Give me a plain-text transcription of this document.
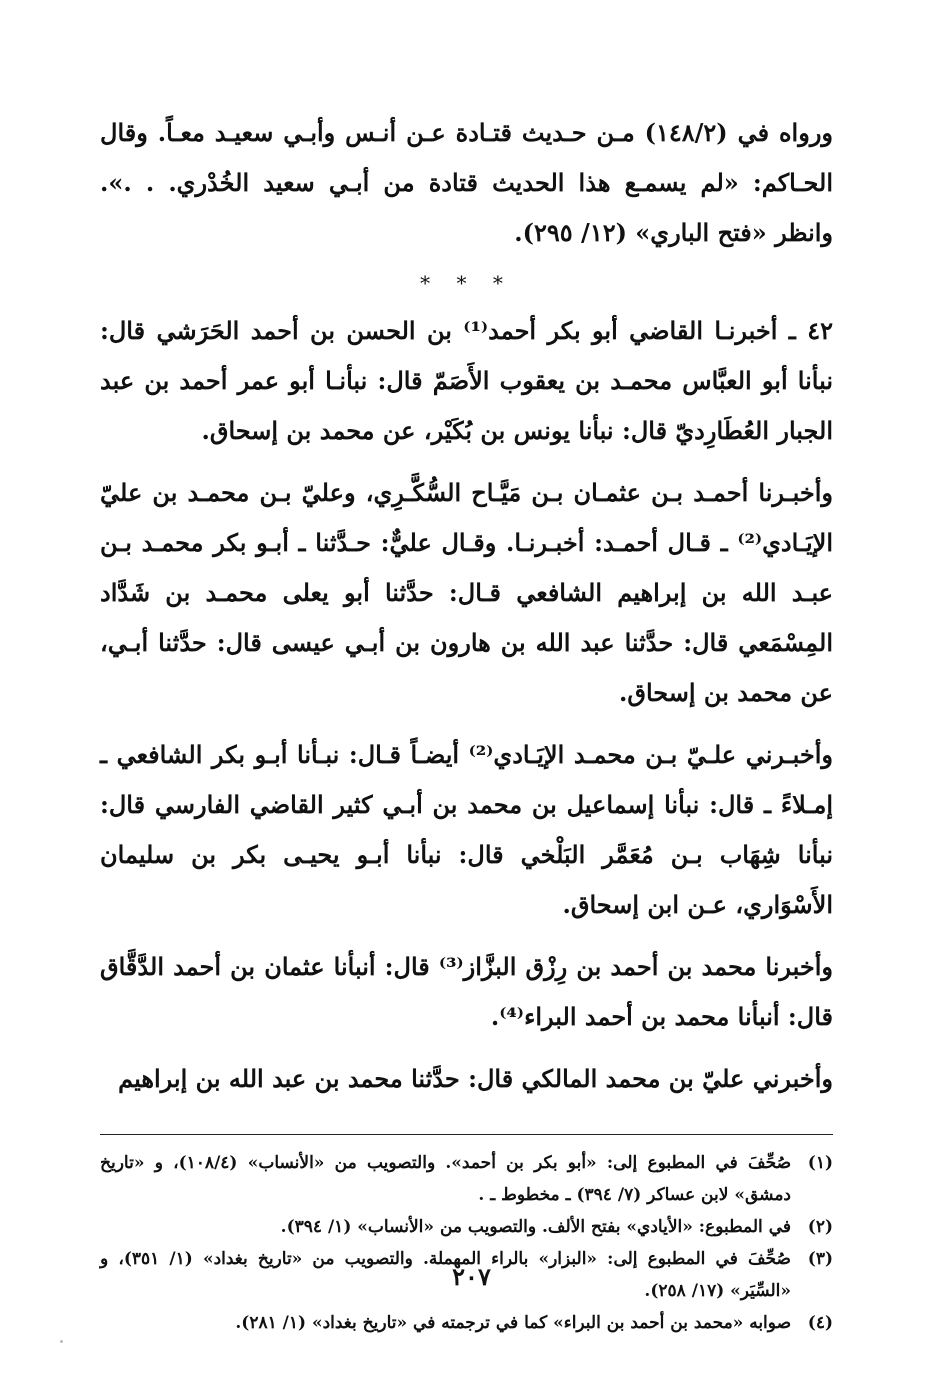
ورواه في (١٤٨/٢) مـن حـديث قتـادة عـن أنـس وأبـي سعيـد معـاً. وقال الحـاكم: «لم يسمـع هذا الحديث قتادة من أبـي سعيد الخُدْري. . .». وانظر «فتح الباري» (١٢/ ٢٩٥).

* * *

٤٢ ـ أخبرنـا القاضي أبو بكر أحمد⁽¹⁾ بن الحسن بن أحمد الحَرَشي قال: نبأنا أبو العبَّاس محمـد بن يعقوب الأَصَمّ قال: نبأنـا أبو عمر أحمد بن عبد الجبار العُطَارِديّ قال: نبأنا يونس بن بُكَيْر، عن محمد بن إسحاق.

وأخبـرنا أحمـد بـن عثمـان بـن مَيَّـاح السُّكَّـرِي، وعليّ بـن محمـد بن عليّ الإيَـادي⁽²⁾ ـ قـال أحمـد: أخبـرنـا. وقـال عليٌّ: حـدَّثنا ـ أبـو بكر محمـد بـن عبـد الله بن إبراهيم الشافعي قـال: حدَّثنا أبو يعلى محمـد بن شَدَّاد المِسْمَعي قال: حدَّثنا عبد الله بن هارون بن أبـي عيسى قال: حدَّثنا أبـي، عن محمد بن إسحاق.

وأخبـرني علـيّ بـن محمـد الإيَـادي⁽²⁾ أيضـاً قـال: نبـأنا أبـو بكر الشافعي ـ إمـلاءً ـ قال: نبأنا إسماعيل بن محمد بن أبـي كثير القاضي الفارسي قال: نبأنا شِهَاب بـن مُعَمَّر البَلْخي قال: نبأنا أبـو يحيـى بكر بن سليمان الأَسْوَاري، عـن ابن إسحاق.

وأخبرنا محمد بن أحمد بن رِزْق البزَّاز⁽³⁾ قال: أنبأنا عثمان بن أحمد الدَّقَّاق قال: أنبأنا محمد بن أحمد البراء⁽⁴⁾.

وأخبرني عليّ بن محمد المالكي قال: حدَّثنا محمد بن عبد الله بن إبراهيم

(١)
صُحِّفَ في المطبوع إلى: «أبو بكر بن أحمد». والتصويب من «الأنساب» (١٠٨/٤)، و «تاريخ دمشق» لابن عساكر (٧/ ٣٩٤) ـ مخطوط ـ .
(٢)
في المطبوع: «الأيادي» بفتح الألف. والتصويب من «الأنساب» (١/ ٣٩٤).
(٣)
صُحِّفَ في المطبوع إلى: «البزار» بالراء المهملة. والتصويب من «تاريخ بغداد» (١/ ٣٥١)، و «السِّيَر» (١٧/ ٢٥٨).
(٤)
صوابه «محمد بن أحمد بن البراء» كما في ترجمته في «تاريخ بغداد» (١/ ٢٨١).
٢٠٧
